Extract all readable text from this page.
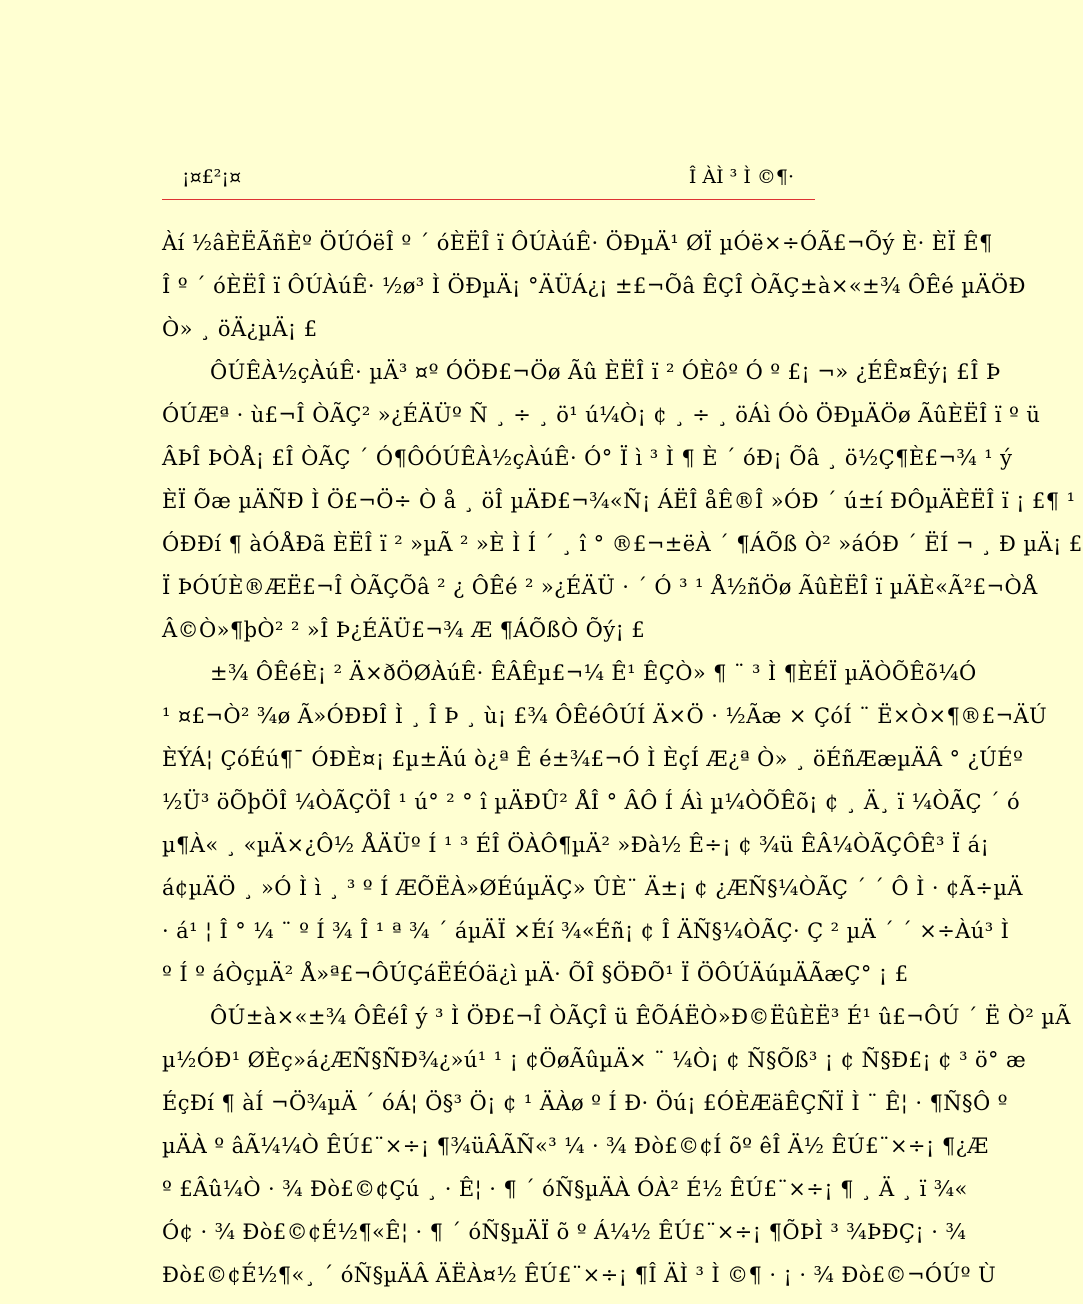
¡¤£²¡¤	Î ÀÌ ³ Ì ©¶·
Àí ½âÈËÃñÈº ÖÚÓëÎ º ´ óÈËÎ ï ÔÚÀúÊ· ÖÐµÄ¹ ØÏ µÓë×÷ÓÃ£¬Õý È· ÈÏ Ê¶
Î º ´ óÈËÎ ï ÔÚÀúÊ· ½ø³ Ì ÖÐµÄ¡ °ÄÜÁ¿¡ ±£¬Õâ ÊÇÎ ÒÃÇ±à×«±¾ ÔÊé µÄÖÐ
Ò» ¸ öÄ¿µÄ¡ £
ÔÚÊÀ½çÀúÊ· µÄ³ ¤º ÓÖÐ£¬Öø Ãû ÈËÎ ï ² ÓÈôº Ó º £¡ ¬» ¿ÉÊ¤Êý¡ £Î Þ
ÓÚÆª · ù£¬Î ÒÃÇ² »¿ÉÄÜº Ñ ¸ ÷ ¸ ö¹ ú¼Ò¡ ¢ ¸ ÷ ¸ öÁì Óò ÖÐµÄÖø ÃûÈËÎ ï º ü
ÂÞÎ ÞÒÅ¡ £Î ÒÃÇ ´ Ó¶ÔÓÚÊÀ½çÀúÊ· Ó° Ï ì ³ Ì ¶ È ´ óÐ¡ Õâ ¸ ö½Ç¶È£¬¾ ¹ ý
ÈÏ Õæ µÄÑÐ Ì Ö£¬Ö÷ Ò å ¸ öÎ µÄÐ£¬¾«Ñ¡ ÁËÎ åÊ®Î »ÓÐ ´ ú±í ÐÔµÄÈËÎ ï ¡ £¶ ¹
ÓÐÐí ¶ àÓÅÐã ÈËÎ ï ² »µÃ ² »È Ì Í ´ ¸ î ° ®£¬±ëÀ ´ ¶ÁÕß Ò² »áÓÐ ´ ËÍ ¬ ¸ Ð µÄ¡ £
Ï ÞÓÚÈ®ÆË£¬Î ÒÃÇÕâ ² ¿ ÔÊé ² »¿ÉÄÜ · ´ Ó ³ ¹ Å½ñÖø ÃûÈËÎ ï µÄÈ«Ã²£¬ÒÅ
Â©Ò»¶þÒ² ² »Î Þ¿ÉÄÜ£¬¾ Æ ¶ÁÕßÒ Õý¡ £
±¾ ÔÊéÈ¡ ² Ä×ðÖØÀúÊ· ÊÂÊµ£¬¼ Ê¹ ÊÇÒ» ¶ ¨ ³ Ì ¶ÈÉÏ µÄÒÕÊõ¼Ó
¹ ¤£¬Ò² ¾ø Ã»ÓÐÐÎ Ì ¸ Î Þ ¸ ù¡ £¾ ÔÊéÔÚÍ Ä×Ö · ½Ãæ × ÇóÍ ¨ Ë×Ò×¶®£¬ÄÚ
ÈÝÁ¦ ÇóÉú¶¯ ÓÐÈ¤¡ £µ±Äú ò¿ª Ê é±¾£¬Ó Ì ÈçÍ Æ¿ª Ò» ¸ öÉñÆæµÄÂ ° ¿ÚÉº
½Ü³ öÕþÖÎ ¼ÒÃÇÖÎ ¹ ú° ² ° î µÄÐÛ² ÅÎ ° ÂÔ Í Áì µ¼ÒÕÊõ¡ ¢ ¸ Ä¸ ï ¼ÒÃÇ ´ ó
µ¶À« ¸ «µÄ×¿Ô½ ÅÄÜº Í ¹ ³ ÉÎ ÖÀÔ¶µÄ² »Ðà½ Ê÷¡ ¢ ¾ü ÊÂ¼ÒÃÇÔÊ³ Ï á¡
á¢µÄÖ ¸ »Ó Ì ì ¸ ³ º Í ÆÕËÀ»ØÉúµÄÇ» ÛÈ¨ Ä±¡ ¢ ¿ÆÑ§¼ÒÃÇ ´ ´ Ô Ì · ¢Ã÷µÄ
· á¹ ¦ Î ° ¼ ¨ º Í ¾ Î ¹ ª ¾ ´ áµÄÏ ×Éí ¾«Éñ¡ ¢ Î ÄÑ§¼ÒÃÇ· Ç ² µÄ ´ ´ ×÷Àú³ Ì
º Í º áÒçµÄ² Å»ª£¬ÔÚÇáËÉÓä¿ì µÄ· ÕÎ §ÖÐÕ¹ Ï ÖÔÚÄúµÄÃæÇ° ¡ £
ÔÚ±à×«±¾ ÔÊéÎ ý ³ Ì ÖÐ£¬Î ÒÃÇÎ ü ÊÕÁËÒ»Ð©ËûÈË³ É¹ û£¬ÔÚ ´ Ë Ò² µÃ
µ½ÓÐ¹ ØÈç»á¿ÆÑ§ÑÐ¾¿»ú¹ ¹ ¡ ¢ÖøÃûµÄ× ¨ ¼Ò¡ ¢ Ñ§Õß³ ¡ ¢ Ñ§Ð£¡ ¢ ³ ö° æ
ÉçÐí ¶ àÍ ¬Ö¾µÄ ´ óÁ¦ Ö§³ Ö¡ ¢ ¹ ÄÀø º Í Ð· Öú¡ £ÓÈÆäÊÇÑÏ Ì ¨ Ê¦ · ¶Ñ§Ô º
µÄÀ º âÃ¼¼Ò ÊÚ£¨×÷¡ ¶¾üÂÃÑ«³ ¼ · ¾ Ðò£©¢Í õº êÎ Ä½ ÊÚ£¨×÷¡ ¶¿Æ
º £Âû¼Ò · ¾ Ðò£©¢Çú ¸ · Ê¦ · ¶ ´ óÑ§µÄÀ ÓÀ² É½ ÊÚ£¨×÷¡ ¶ ¸ Ä ¸ ï ¾«
Ó¢ · ¾ Ðò£©¢É½¶«Ê¦ · ¶ ´ óÑ§µÄÏ õ º Á¼½ ÊÚ£¨×÷¡ ¶ÕÞÌ ³ ¾ÞÐÇ¡ · ¾
Ðò£©¢É½¶«¸ ´ óÑ§µÄÂ ÄËÀ¤½ ÊÚ£¨×÷¡ ¶Î ÄÌ ³ Ì ©¶ · ¡ · ¾ Ðò£©¬ÓÚº Ù
